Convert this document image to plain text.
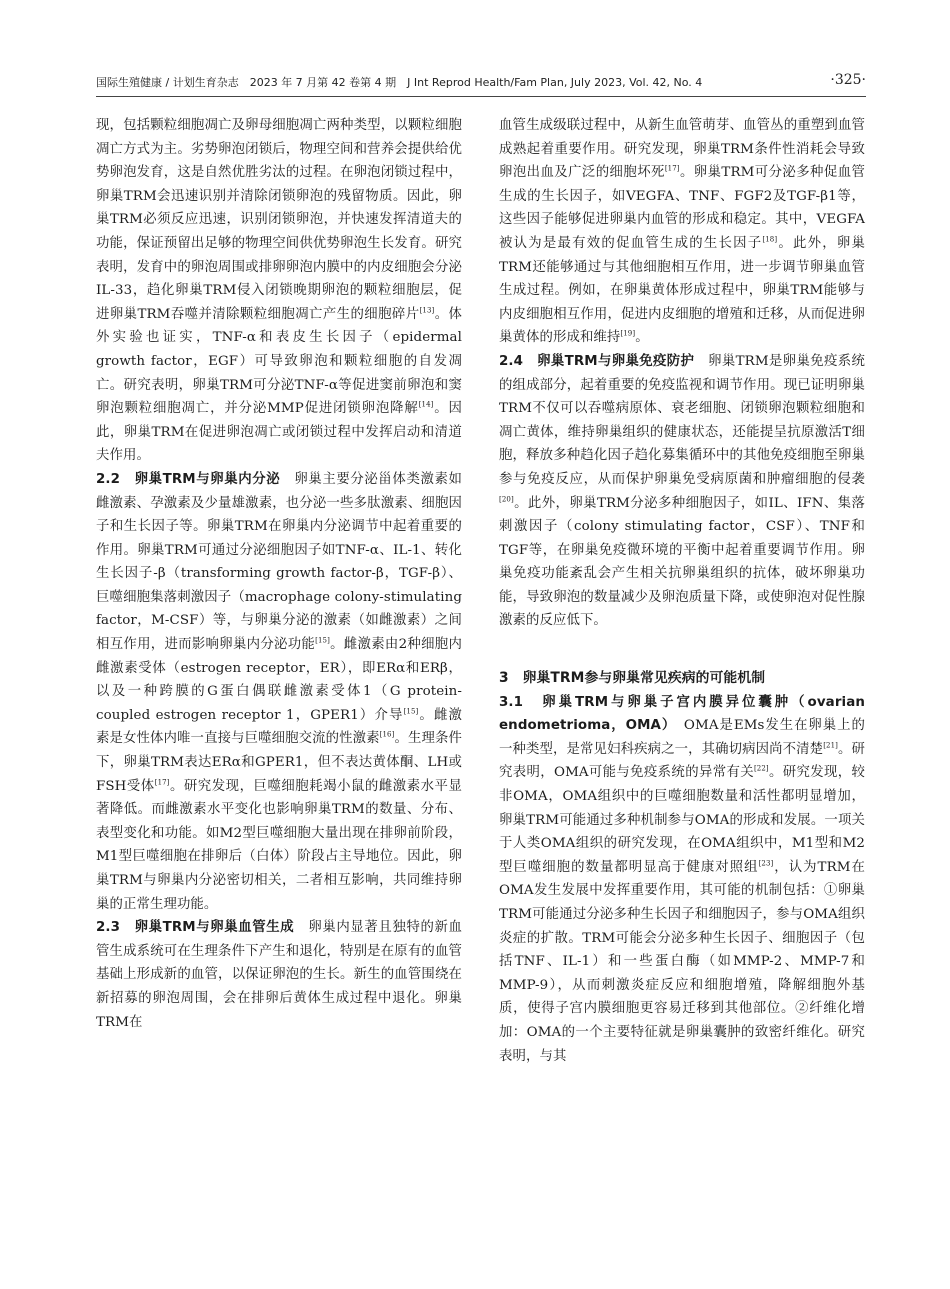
国际生殖健康 / 计划生育杂志　2023 年 7 月第 42 卷第 4 期　J Int Reprod Health/Fam Plan, July 2023, Vol. 42, No. 4	·325·

现，包括颗粒细胞凋亡及卵母细胞凋亡两种类型，以颗粒细胞凋亡方式为主。劣势卵泡闭锁后，物理空间和营养会提供给优势卵泡发育，这是自然优胜劣汰的过程。在卵泡闭锁过程中，卵巢TRM会迅速识别并清除闭锁卵泡的残留物质。因此，卵巢TRM必须反应迅速，识别闭锁卵泡，并快速发挥清道夫的功能，保证预留出足够的物理空间供优势卵泡生长发育。研究表明，发育中的卵泡周围或排卵卵泡内膜中的内皮细胞会分泌IL-33，趋化卵巢TRM侵入闭锁晚期卵泡的颗粒细胞层，促进卵巢TRM吞噬并清除颗粒细胞凋亡产生的细胞碎片[13]。体外实验也证实，TNF-α和表皮生长因子（epidermal growth factor，EGF）可导致卵泡和颗粒细胞的自发凋亡。研究表明，卵巢TRM可分泌TNF-α等促进窦前卵泡和窦卵泡颗粒细胞凋亡，并分泌MMP促进闭锁卵泡降解[14]。因此，卵巢TRM在促进卵泡凋亡或闭锁过程中发挥启动和清道夫作用。

2.2　卵巢TRM与卵巢内分泌　卵巢主要分泌甾体类激素如雌激素、孕激素及少量雄激素，也分泌一些多肽激素、细胞因子和生长因子等。卵巢TRM在卵巢内分泌调节中起着重要的作用。卵巢TRM可通过分泌细胞因子如TNF-α、IL-1、转化生长因子-β（transforming growth factor-β，TGF-β）、巨噬细胞集落刺激因子（macrophage colony-stimulating factor，M-CSF）等，与卵巢分泌的激素（如雌激素）之间相互作用，进而影响卵巢内分泌功能[15]。雌激素由2种细胞内雌激素受体（estrogen receptor，ER），即ERα和ERβ，以及一种跨膜的G蛋白偶联雌激素受体1（G protein-coupled estrogen receptor 1，GPER1）介导[15]。雌激素是女性体内唯一直接与巨噬细胞交流的性激素[16]。生理条件下，卵巢TRM表达ERα和GPER1，但不表达黄体酮、LH或FSH受体[17]。研究发现，巨噬细胞耗竭小鼠的雌激素水平显著降低。而雌激素水平变化也影响卵巢TRM的数量、分布、表型变化和功能。如M2型巨噬细胞大量出现在排卵前阶段，M1型巨噬细胞在排卵后（白体）阶段占主导地位。因此，卵巢TRM与卵巢内分泌密切相关，二者相互影响，共同维持卵巢的正常生理功能。

2.3　卵巢TRM与卵巢血管生成　卵巢内显著且独特的新血管生成系统可在生理条件下产生和退化，特别是在原有的血管基础上形成新的血管，以保证卵泡的生长。新生的血管围绕在新招募的卵泡周围，会在排卵后黄体生成过程中退化。卵巢TRM在

血管生成级联过程中，从新生血管萌芽、血管丛的重塑到血管成熟起着重要作用。研究发现，卵巢TRM条件性消耗会导致卵泡出血及广泛的细胞坏死[17]。卵巢TRM可分泌多种促血管生成的生长因子，如VEGFA、TNF、FGF2及TGF-β1等，这些因子能够促进卵巢内血管的形成和稳定。其中，VEGFA被认为是最有效的促血管生成的生长因子[18]。此外，卵巢TRM还能够通过与其他细胞相互作用，进一步调节卵巢血管生成过程。例如，在卵巢黄体形成过程中，卵巢TRM能够与内皮细胞相互作用，促进内皮细胞的增殖和迁移，从而促进卵巢黄体的形成和维持[19]。

2.4　卵巢TRM与卵巢免疫防护　卵巢TRM是卵巢免疫系统的组成部分，起着重要的免疫监视和调节作用。现已证明卵巢TRM不仅可以吞噬病原体、衰老细胞、闭锁卵泡颗粒细胞和凋亡黄体，维持卵巢组织的健康状态，还能提呈抗原激活T细胞，释放多种趋化因子趋化募集循环中的其他免疫细胞至卵巢参与免疫反应，从而保护卵巢免受病原菌和肿瘤细胞的侵袭[20]。此外，卵巢TRM分泌多种细胞因子，如IL、IFN、集落刺激因子（colony stimulating factor，CSF）、TNF和TGF等，在卵巢免疫微环境的平衡中起着重要调节作用。卵巢免疫功能紊乱会产生相关抗卵巢组织的抗体，破坏卵巢功能，导致卵泡的数量减少及卵泡质量下降，或使卵泡对促性腺激素的反应低下。

3　卵巢TRM参与卵巢常见疾病的可能机制

3.1　卵巢TRM与卵巢子宫内膜异位囊肿（ovarian endometrioma，OMA）　OMA是EMs发生在卵巢上的一种类型，是常见妇科疾病之一，其确切病因尚不清楚[21]。研究表明，OMA可能与免疫系统的异常有关[22]。研究发现，较非OMA，OMA组织中的巨噬细胞数量和活性都明显增加，卵巢TRM可能通过多种机制参与OMA的形成和发展。一项关于人类OMA组织的研究发现，在OMA组织中，M1型和M2型巨噬细胞的数量都明显高于健康对照组[23]，认为TRM在OMA发生发展中发挥重要作用，其可能的机制包括：①卵巢TRM可能通过分泌多种生长因子和细胞因子，参与OMA组织炎症的扩散。TRM可能会分泌多种生长因子、细胞因子（包括TNF、IL-1）和一些蛋白酶（如MMP-2、MMP-7和MMP-9），从而刺激炎症反应和细胞增殖，降解细胞外基质，使得子宫内膜细胞更容易迁移到其他部位。②纤维化增加：OMA的一个主要特征就是卵巢囊肿的致密纤维化。研究表明，与其
